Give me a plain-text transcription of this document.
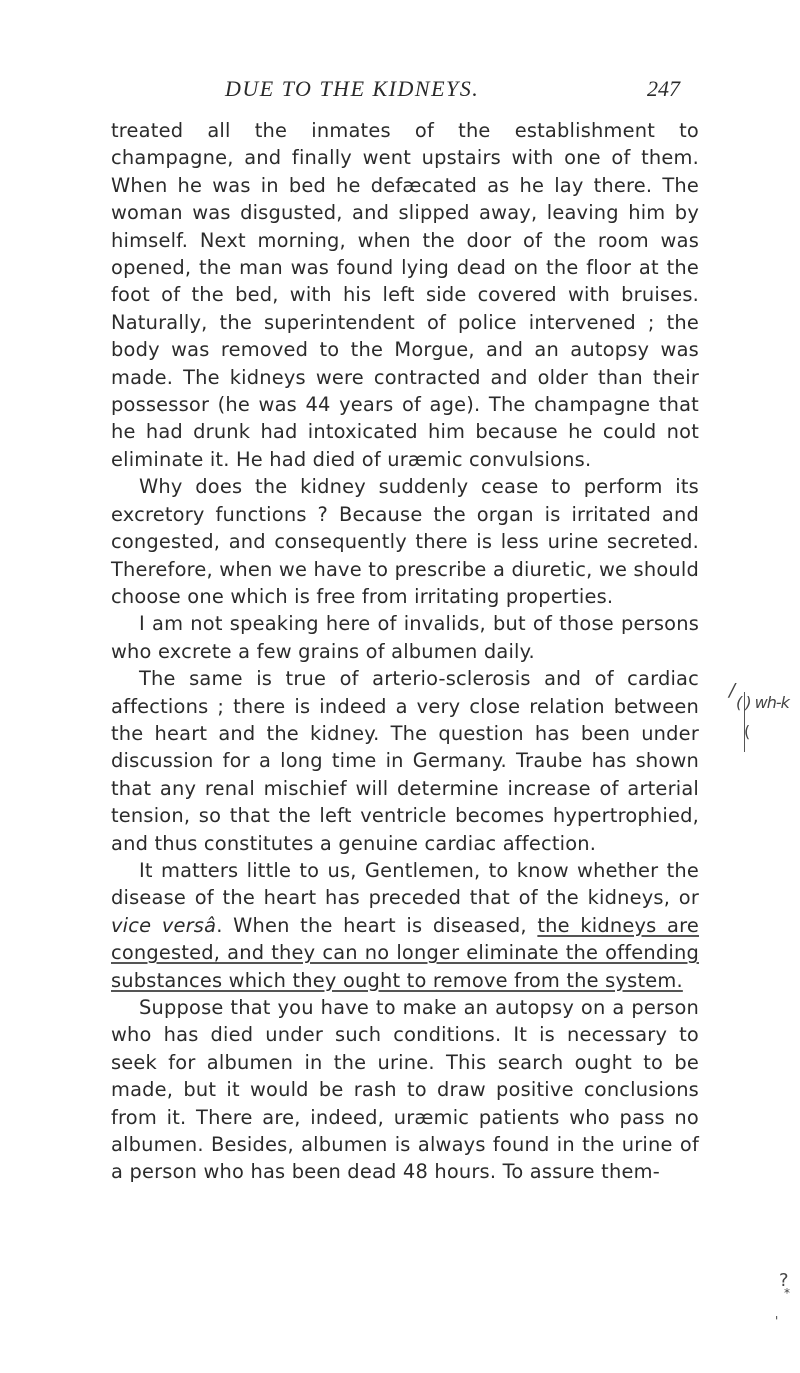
DUE TO THE KIDNEYS.	247

treated all the inmates of the establishment to champagne, and finally went upstairs with one of them. When he was in bed he defæcated as he lay there. The woman was disgusted, and slipped away, leaving him by himself. Next morning, when the door of the room was opened, the man was found lying dead on the floor at the foot of the bed, with his left side covered with bruises. Naturally, the superintendent of police intervened ; the body was removed to the Morgue, and an autopsy was made. The kidneys were contracted and older than their possessor (he was 44 years of age). The champagne that he had drunk had intoxicated him because he could not eliminate it. He had died of uræmic convulsions.

Why does the kidney suddenly cease to perform its excretory functions ? Because the organ is irritated and congested, and consequently there is less urine secreted. Therefore, when we have to prescribe a diuretic, we should choose one which is free from irritating properties.

I am not speaking here of invalids, but of those persons who excrete a few grains of albumen daily.

The same is true of arterio-sclerosis and of cardiac affections ; there is indeed a very close relation between the heart and the kidney. The question has been under discussion for a long time in Germany. Traube has shown that any renal mischief will determine increase of arterial tension, so that the left ventricle becomes hypertrophied, and thus constitutes a genuine cardiac affection.

It matters little to us, Gentlemen, to know whether the disease of the heart has preceded that of the kidneys, or vice versâ. When the heart is diseased, the kidneys are congested, and they can no longer eliminate the offending substances which they ought to remove from the system.

Suppose that you have to make an autopsy on a person who has died under such conditions. It is necessary to seek for albumen in the urine. This search ought to be made, but it would be rash to draw positive conclusions from it. There are, indeed, uræmic patients who pass no albumen. Besides, albumen is always found in the urine of a person who has been dead 48 hours. To assure them-

/
( ) wh-k
(
?
*
'
